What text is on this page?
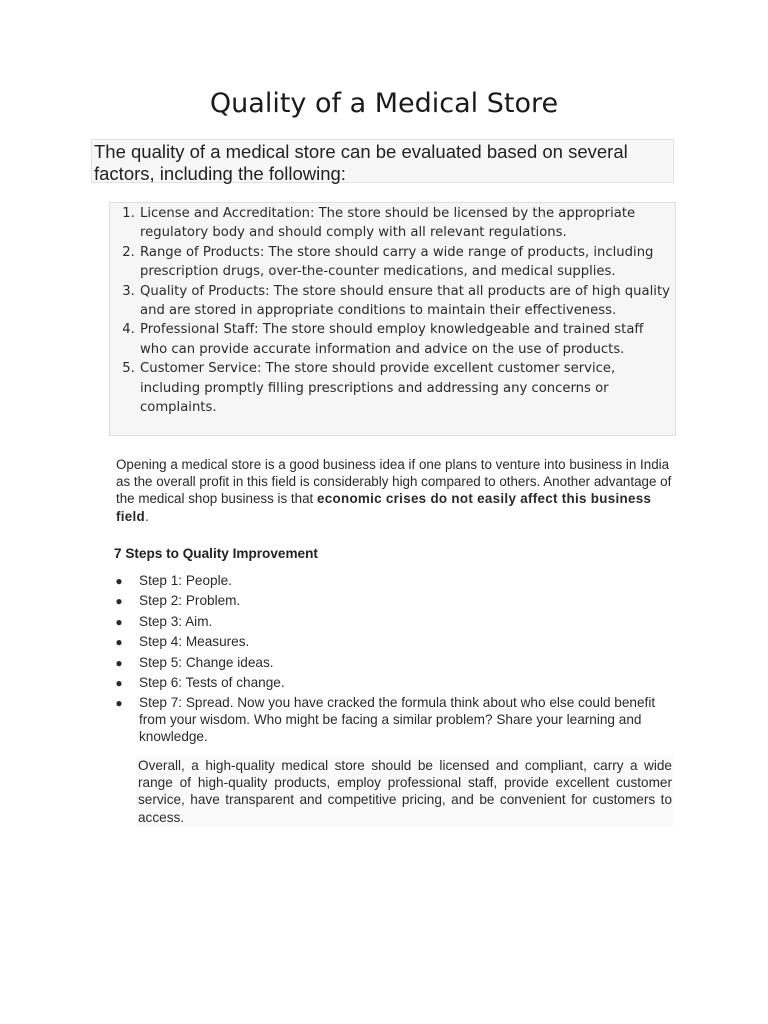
Quality of a Medical Store
The quality of a medical store can be evaluated based on several factors, including the following:
1. License and Accreditation: The store should be licensed by the appropriate regulatory body and should comply with all relevant regulations.
2. Range of Products: The store should carry a wide range of products, including prescription drugs, over-the-counter medications, and medical supplies.
3. Quality of Products: The store should ensure that all products are of high quality and are stored in appropriate conditions to maintain their effectiveness.
4. Professional Staff: The store should employ knowledgeable and trained staff who can provide accurate information and advice on the use of products.
5. Customer Service: The store should provide excellent customer service, including promptly filling prescriptions and addressing any concerns or complaints.

Opening a medical store is a good business idea if one plans to venture into business in India as the overall profit in this field is considerably high compared to others. Another advantage of the medical shop business is that economic crises do not easily affect this business field.

7 Steps to Quality Improvement
● Step 1: People.
● Step 2: Problem.
● Step 3: Aim.
● Step 4: Measures.
● Step 5: Change ideas.
● Step 6: Tests of change.
● Step 7: Spread. Now you have cracked the formula think about who else could benefit from your wisdom. Who might be facing a similar problem? Share your learning and knowledge.

Overall, a high-quality medical store should be licensed and compliant, carry a wide range of high-quality products, employ professional staff, provide excellent customer service, have transparent and competitive pricing, and be convenient for customers to access.
